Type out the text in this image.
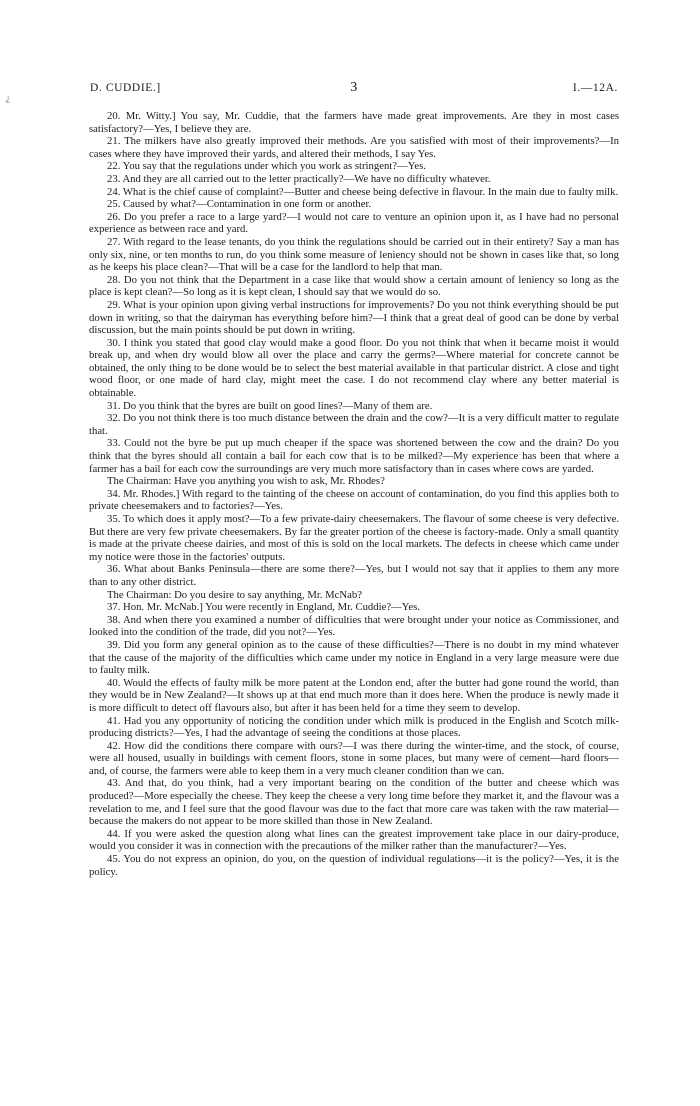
¿
D. CUDDIE.]	3	I.—12A.

20. Mr. Witty.] You say, Mr. Cuddie, that the farmers have made great improvements. Are they in most cases satisfactory?—Yes, I believe they are.

21. The milkers have also greatly improved their methods. Are you satisfied with most of their improvements?—In cases where they have improved their yards, and altered their methods, I say Yes.

22. You say that the regulations under which you work as stringent?—Yes.

23. And they are all carried out to the letter practically?—We have no difficulty whatever.

24. What is the chief cause of complaint?—Butter and cheese being defective in flavour. In the main due to faulty milk.

25. Caused by what?—Contamination in one form or another.

26. Do you prefer a race to a large yard?—I would not care to venture an opinion upon it, as I have had no personal experience as between race and yard.

27. With regard to the lease tenants, do you think the regulations should be carried out in their entirety? Say a man has only six, nine, or ten months to run, do you think some measure of leniency should not be shown in cases like that, so long as he keeps his place clean?—That will be a case for the landlord to help that man.

28. Do you not think that the Department in a case like that would show a certain amount of leniency so long as the place is kept clean?—So long as it is kept clean, I should say that we would do so.

29. What is your opinion upon giving verbal instructions for improvements? Do you not think everything should be put down in writing, so that the dairyman has everything before him?—I think that a great deal of good can be done by verbal discussion, but the main points should be put down in writing.

30. I think you stated that good clay would make a good floor. Do you not think that when it became moist it would break up, and when dry would blow all over the place and carry the germs?—Where material for concrete cannot be obtained, the only thing to be done would be to select the best material available in that particular district. A close and tight wood floor, or one made of hard clay, might meet the case. I do not recommend clay where any better material is obtainable.

31. Do you think that the byres are built on good lines?—Many of them are.

32. Do you not think there is too much distance between the drain and the cow?—It is a very difficult matter to regulate that.

33. Could not the byre be put up much cheaper if the space was shortened between the cow and the drain? Do you think that the byres should all contain a bail for each cow that is to be milked?—My experience has been that where a farmer has a bail for each cow the surroundings are very much more satisfactory than in cases where cows are yarded.

The Chairman: Have you anything you wish to ask, Mr. Rhodes?

34. Mr. Rhodes.] With regard to the tainting of the cheese on account of contamination, do you find this applies both to private cheesemakers and to factories?—Yes.

35. To which does it apply most?—To a few private-dairy cheesemakers. The flavour of some cheese is very defective. But there are very few private cheesemakers. By far the greater portion of the cheese is factory-made. Only a small quantity is made at the private cheese dairies, and most of this is sold on the local markets. The defects in cheese which came under my notice were those in the factories' outputs.

36. What about Banks Peninsula—there are some there?—Yes, but I would not say that it applies to them any more than to any other district.

The Chairman: Do you desire to say anything, Mr. McNab?

37. Hon. Mr. McNab.] You were recently in England, Mr. Cuddie?—Yes.

38. And when there you examined a number of difficulties that were brought under your notice as Commissioner, and looked into the condition of the trade, did you not?—Yes.

39. Did you form any general opinion as to the cause of these difficulties?—There is no doubt in my mind whatever that the cause of the majority of the difficulties which came under my notice in England in a very large measure were due to faulty milk.

40. Would the effects of faulty milk be more patent at the London end, after the butter had gone round the world, than they would be in New Zealand?—It shows up at that end much more than it does here. When the produce is newly made it is more difficult to detect off flavours also, but after it has been held for a time they seem to develop.

41. Had you any opportunity of noticing the condition under which milk is produced in the English and Scotch milk-producing districts?—Yes, I had the advantage of seeing the conditions at those places.

42. How did the conditions there compare with ours?—I was there during the winter-time, and the stock, of course, were all housed, usually in buildings with cement floors, stone in some places, but many were of cement—hard floors—and, of course, the farmers were able to keep them in a very much cleaner condition than we can.

43. And that, do you think, had a very important bearing on the condition of the butter and cheese which was produced?—More especially the cheese. They keep the cheese a very long time before they market it, and the flavour was a revelation to me, and I feel sure that the good flavour was due to the fact that more care was taken with the raw material—because the makers do not appear to be more skilled than those in New Zealand.

44. If you were asked the question along what lines can the greatest improvement take place in our dairy-produce, would you consider it was in connection with the precautions of the milker rather than the manufacturer?—Yes.

45. You do not express an opinion, do you, on the question of individual regulations—it is the policy?—Yes, it is the policy.
